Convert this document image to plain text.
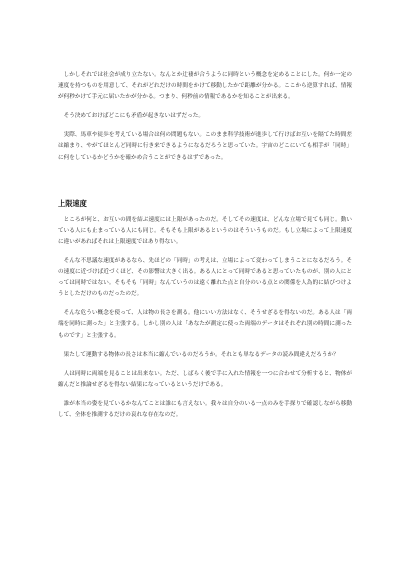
しかしそれでは社会が成り立たない。なんとか辻褄が合うように同時という概念を定めることにした。何か一定の速度を持つものを用意して、それがどれだけの時間をかけて移動したかで距離が分かる。ここから逆算すれば、情報が何秒かけて手元に届いたかが分かる。つまり、何秒前の情報であるかを知ることが出来る。

そう決めておけばどこにも矛盾が起きないはずだった。

実際、馬車や徒歩を考えている場合は何の問題もない。このまま科学技術が進歩して行けばお互いを隔てた時間差は縮まり、やがてほとんど同時に行き来できるようになるだろうと思っていた。宇宙のどこにいても相手が「同時」に何をしているかどうかを確かめ合うことができるはずであった。

上限速度

ところが何と、お互いの間を結ぶ速度には上限があったのだ。そしてその速度は、どんな立場で見ても同じ。動いている人にも止まっている人にも同じ。そもそも上限があるというのはそういうものだ。もし立場によって上限速度に違いがあればそれは上限速度ではあり得ない。

そんな不思議な速度があるなら、先ほどの「同時」の考えは、立場によって変わってしまうことになるだろう。その速度に近づけば近づくほど、その影響は大きく出る。ある人にとって同時であると思っていたものが、別の人にとっては同時ではない。そもそも「同時」なんていうのは遠く離れた点と自分のいる点との関係を人為的に結びつけようとしただけのものだったのだ。

そんな危うい概念を使って、人は物の長さを測る。他にいい方法はなく、そうせざるを得ないのだ。ある人は「両端を同時に測った」と主張する。しかし別の人は「あなたが測定に使った両端のデータはそれぞれ別の時間に測ったものです」と主張する。

果たして運動する物体の長さは本当に縮んでいるのだろうか。それとも単なるデータの読み間違えだろうか？

人は同時に両端を見ることは出来ない。ただ、しばらく後で手に入れた情報を一つに合わせて分析すると、物体が縮んだと推論せざるを得ない結果になっているというだけである。

誰が本当の姿を見ているかなんてことは誰にも言えない。我々は自分のいる一点のみを手探りで確認しながら移動して、全体を推測するだけの哀れな存在なのだ。
